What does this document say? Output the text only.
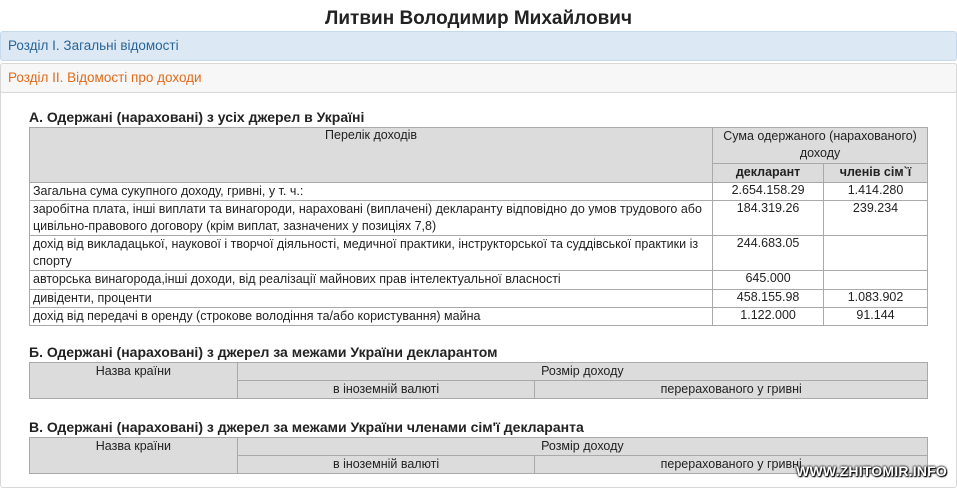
Литвин Володимир Михайлович
Розділ І. Загальні відомості
Розділ ІІ. Відомості про доходи
А. Одержані (нараховані) з усіх джерел в Україні
Перелік доходів	Сума одержаного (нарахованого) доходу	
	декларант	членів сім`ї
Загальна сума сукупного доходу, гривні, у т. ч.:	2.654.158.29	1.414.280
заробітна плата, інші виплати та винагороди, нараховані (виплачені) декларанту відповідно до умов трудового або цивільно-правового договору (крім виплат, зазначених у позиціях 7,8)	184.319.26	239.234
дохід від викладацької, наукової і творчої діяльності, медичної практики, інструкторської та суддівської практики із спорту	244.683.05	
авторська винагорода,інші доходи, від реалізації майнових прав інтелектуальної власності	645.000	
дивіденти, проценти	458.155.98	1.083.902
дохід від передачі в оренду (строкове володіння та/або користування) майна	1.122.000	91.144
Б. Одержані (нараховані) з джерел за межами України декларантом
Назва країни	Розмір доходу	
	в іноземній валюті	перерахованого у гривні
В. Одержані (нараховані) з джерел за межами України членами сім'ї декларанта
Назва країни	Розмір доходу	
	в іноземній валюті	перерахованого у гривні
WWW.ZHITOMIR.INFO
